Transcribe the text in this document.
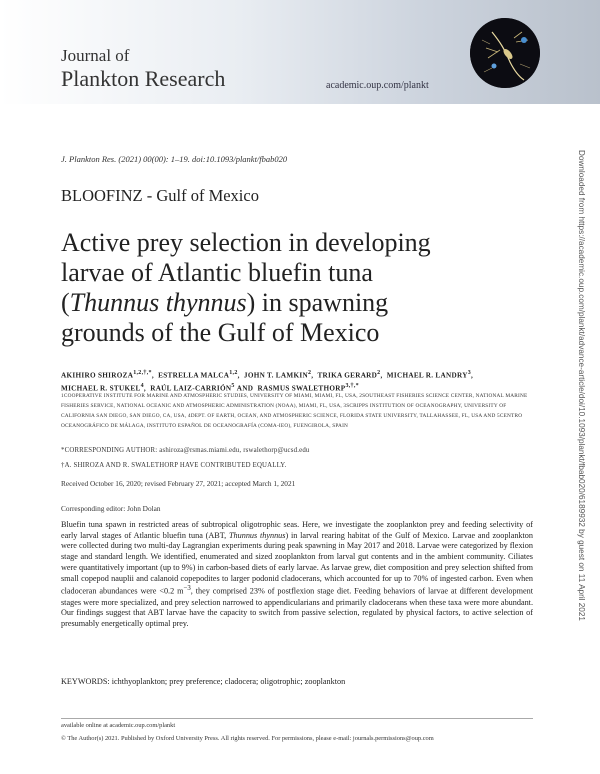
Journal of
Plankton Research	academic.oup.com/plankt
J. Plankton Res. (2021) 00(00): 1–19. doi:10.1093/plankt/fbab020
BLOOFINZ - Gulf of Mexico
Active prey selection in developing
larvae of Atlantic bluefin tuna
(Thunnus thynnus) in spawning
grounds of the Gulf of Mexico
AKIHIRO $SHIROZA^{1,2,\dagger,*}$,  ESTRELLA MALCA$^{1,2}$,  JOHN T. LAMKIN$^2$,  TRIKA GERARD$^2$,  MICHAEL R. LANDRY$^3$,
MICHAEL R. STUKEL$^4$,  RAÚL LAIZ-CARRIÓN$^5$ AND  RASMUS $SWALETHORP^{3,\dagger,*}$
1COOPERATIVE INSTITUTE FOR MARINE AND ATMOSPHERIC STUDIES, UNIVERSITY OF MIAMI, MIAMI, FL, USA, 2SOUTHEAST FISHERIES SCIENCE CENTER, NATIONAL MARINE FISHERIES SERVICE, NATIONAL OCEANIC AND ATMOSPHERIC ADMINISTRATION (NOAA), MIAMI, FL, USA, 3SCRIPPS INSTITUTION OF OCEANOGRAPHY, UNIVERSITY OF CALIFORNIA SAN DIEGO, SAN DIEGO, CA, USA, 4DEPT. OF EARTH, OCEAN, AND ATMOSPHERIC SCIENCE, FLORIDA STATE UNIVERSITY, TALLAHASSEE, FL, USA AND 5CENTRO OCEANOGRÁFICO DE MÁLAGA, INSTITUTO ESPAÑOL DE OCEANOGRAFÍA (COMA-IEO), FUENGIROLA, SPAIN
*CORRESPONDING AUTHOR: ashiroza@rsmas.miami.edu, rswalethorp@ucsd.edu
†A. SHIROZA AND R. SWALETHORP HAVE CONTRIBUTED EQUALLY.
Received October 16, 2020; revised February 27, 2021; accepted March 1, 2021
Corresponding editor: John Dolan
Bluefin tuna spawn in restricted areas of subtropical oligotrophic seas. Here, we investigate the zooplankton prey and feeding selectivity of early larval stages of Atlantic bluefin tuna (ABT, Thunnus thynnus) in larval rearing habitat of the Gulf of Mexico. Larvae and zooplankton were collected during two multi-day Lagrangian experiments during peak spawning in May 2017 and 2018. Larvae were categorized by flexion stage and standard length. We identified, enumerated and sized zooplankton from larval gut contents and in the ambient community. Ciliates were quantitatively important (up to 9%) in carbon-based diets of early larvae. As larvae grew, diet composition and prey selection shifted from small copepod nauplii and calanoid copepodites to larger podonid cladocerans, which accounted for up to 70% of ingested carbon. Even when cladoceran abundances were <0.2 $m^{-3}$, they comprised 23% of postflexion stage diet. Feeding behaviors of larvae at different development stages were more specialized, and prey selection narrowed to appendicularians and primarily cladocerans when these taxa were more abundant. Our findings suggest that ABT larvae have the capacity to switch from passive selection, regulated by physical factors, to active selection of presumably energetically optimal prey.
KEYWORDS: ichthyoplankton; prey preference; cladocera; oligotrophic; zooplankton
available online at academic.oup.com/plankt
© The Author(s) 2021. Published by Oxford University Press. All rights reserved. For permissions, please e-mail: journals.permissions@oup.com
Downloaded from https://academic.oup.com/plankt/advance-article/doi/10.1093/plankt/fbab020/6189932 by guest on 11 April 2021
